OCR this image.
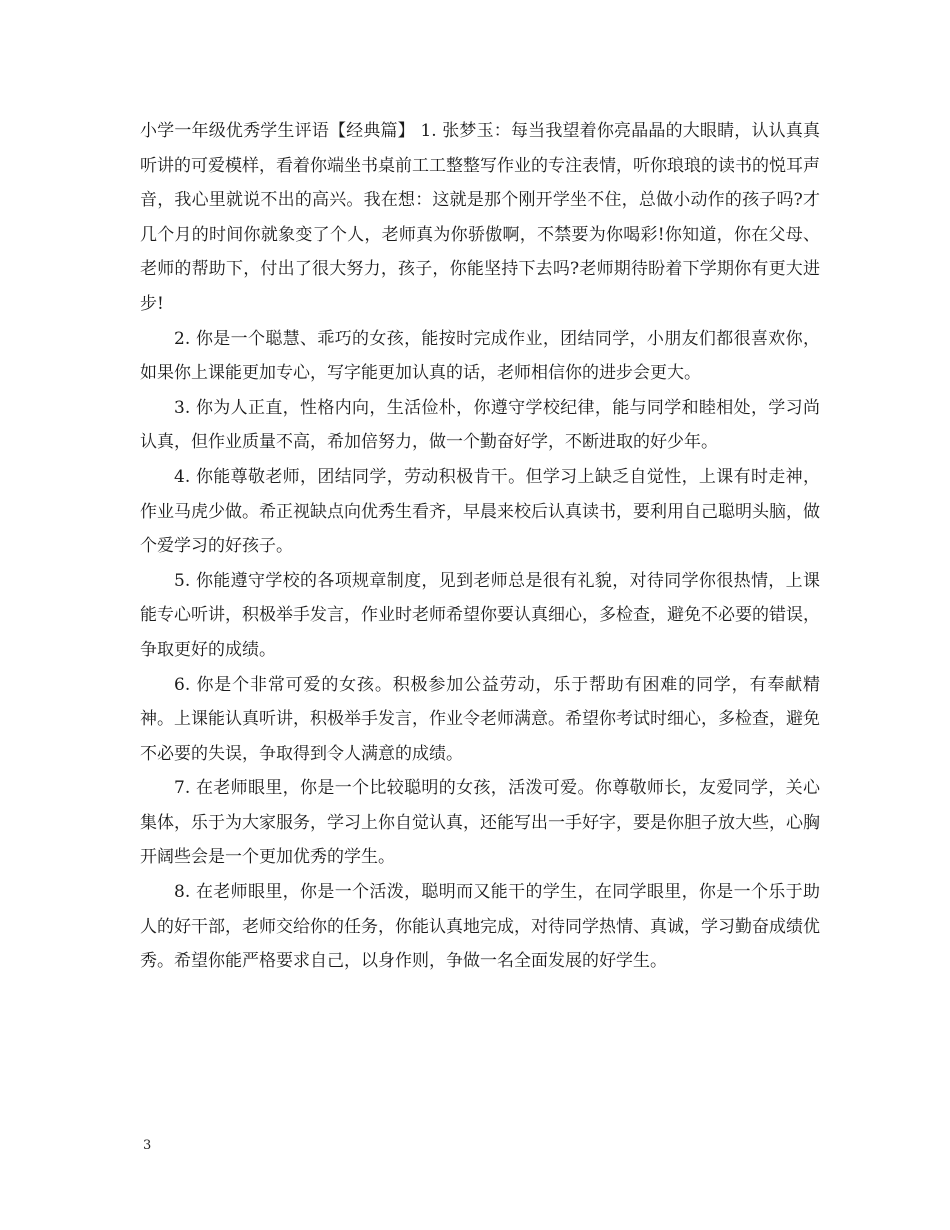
小学一年级优秀学生评语【经典篇】 1. 张梦玉：每当我望着你亮晶晶的大眼睛，认认真真听讲的可爱模样，看着你端坐书桌前工工整整写作业的专注表情，听你琅琅的读书的悦耳声音，我心里就说不出的高兴。我在想：这就是那个刚开学坐不住，总做小动作的孩子吗?才几个月的时间你就象变了个人，老师真为你骄傲啊，不禁要为你喝彩!你知道，你在父母、老师的帮助下，付出了很大努力，孩子，你能坚持下去吗?老师期待盼着下学期你有更大进步!

2. 你是一个聪慧、乖巧的女孩，能按时完成作业，团结同学，小朋友们都很喜欢你，如果你上课能更加专心，写字能更加认真的话，老师相信你的进步会更大。

3. 你为人正直，性格内向，生活俭朴，你遵守学校纪律，能与同学和睦相处，学习尚认真，但作业质量不高，希加倍努力，做一个勤奋好学，不断进取的好少年。

4. 你能尊敬老师，团结同学，劳动积极肯干。但学习上缺乏自觉性，上课有时走神，作业马虎少做。希正视缺点向优秀生看齐，早晨来校后认真读书，要利用自己聪明头脑，做个爱学习的好孩子。

5. 你能遵守学校的各项规章制度，见到老师总是很有礼貌，对待同学你很热情，上课能专心听讲，积极举手发言，作业时老师希望你要认真细心，多检查，避免不必要的错误，争取更好的成绩。

6. 你是个非常可爱的女孩。积极参加公益劳动，乐于帮助有困难的同学，有奉献精神。上课能认真听讲，积极举手发言，作业令老师满意。希望你考试时细心，多检查，避免不必要的失误，争取得到令人满意的成绩。

7. 在老师眼里，你是一个比较聪明的女孩，活泼可爱。你尊敬师长，友爱同学，关心集体，乐于为大家服务，学习上你自觉认真，还能写出一手好字，要是你胆子放大些，心胸开阔些会是一个更加优秀的学生。

8. 在老师眼里，你是一个活泼，聪明而又能干的学生，在同学眼里，你是一个乐于助人的好干部，老师交给你的任务，你能认真地完成，对待同学热情、真诚，学习勤奋成绩优秀。希望你能严格要求自己，以身作则，争做一名全面发展的好学生。

3
